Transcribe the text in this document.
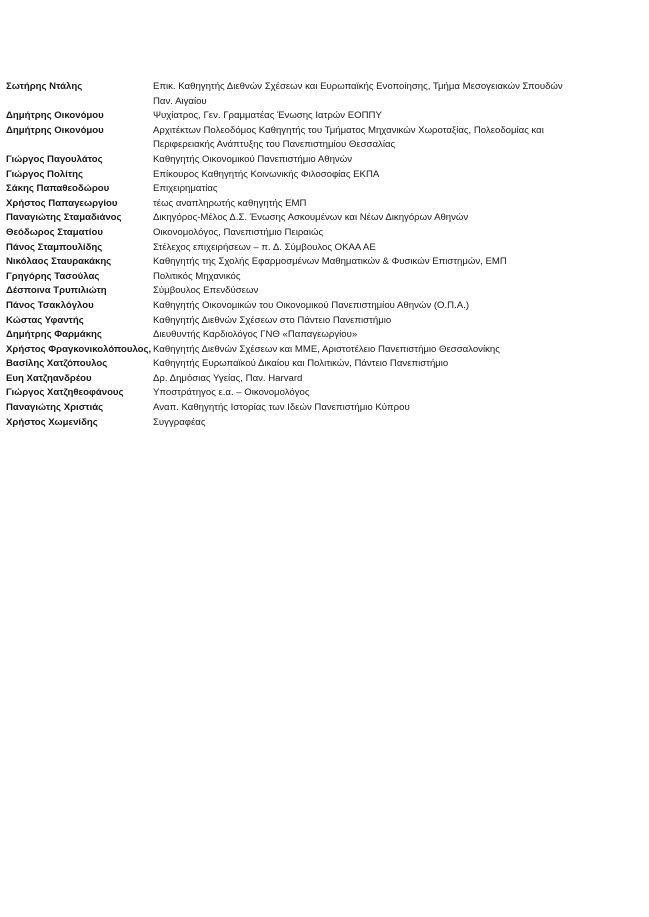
Σωτήρης Ντάλης	Επικ. Καθηγητής Διεθνών Σχέσεων και Ευρωπαϊκής Ενοποίησης, Τμήμα Μεσογειακών Σπουδών Παν. Αιγαίου
Δημήτρης Οικονόμου	Ψυχίατρος, Γεν. Γραμματέας Ένωσης Ιατρών ΕΟΠΠΥ
Δημήτρης Οικονόμου	Αρχιτέκτων Πολεοδόμος Καθηγητής του Τμήματος Μηχανικών Χωροταξίας, Πολεοδομίας και Περιφερειακής Ανάπτυξης του Πανεπιστημίου Θεσσαλίας
Γιώργος Παγουλάτος	Καθηγητής Οικονομικού Πανεπιστήμιο Αθηνών
Γιώργος Πολίτης	Επίκουρος Καθηγητής Κοινωνικής Φιλοσοφίας ΕΚΠΑ
Σάκης Παπαθεοδώρου	Επιχειρηματίας
Χρήστος Παπαγεωργίου	τέως αναπληρωτής καθηγητής ΕΜΠ
Παναγιώτης Σταμαδιάνος	Δικηγόρος-Μέλος Δ.Σ. Ένωσης Ασκουμένων και Νέων Δικηγόρων Αθηνών
Θεόδωρος Σταματίου	Οικονομολόγος, Πανεπιστήμιο Πειραιώς
Πάνος Σταμπουλίδης	Στέλεχος επιχειρήσεων – π. Δ. Σύμβουλος ΟΚΑΑ ΑΕ
Νικόλαος Σταυρακάκης	Καθηγητής της Σχολής Εφαρμοσμένων Μαθηματικών & Φυσικών Επιστημών, ΕΜΠ
Γρηγόρης Τασούλας	Πολιτικός Μηχανικός
Δέσποινα Τρυπιλιώτη	Σύμβουλος Επενδύσεων
Πάνος Τσακλόγλου	Καθηγητής Οικονομικών του Οικονομικού Πανεπιστημίου Αθηνών (Ο.Π.Α.)
Κώστας Υφαντής	Καθηγητής Διεθνών Σχέσεων στο Πάντειο Πανεπιστήμιο
Δημήτρης Φαρμάκης	Διευθυντής Καρδιολόγος ΓΝΘ «Παπαγεωργίου»
Χρήστος Φραγκονικολόπουλος, Καθηγητής Διεθνών Σχέσεων και ΜΜΕ, Αριστοτέλειο Πανεπιστήμιο Θεσσαλονίκης
Βασίλης Χατζόπουλος	Καθηγητής Ευρωπαϊκού Δικαίου και Πολιτικών, Πάντειο Πανεπιστήμιο
Ευη Χατζηανδρέου	Δρ. Δημόσιας Υγείας, Παν. Harvard
Γιώργος Χατζηθεοφάνους	Υποστράτηγος ε.α. – Οικονομολόγος
Παναγιώτης Χριστιάς	Αναπ. Καθηγητής Ιστορίας των Ιδεών Πανεπιστήμιο Κύπρου
Χρήστος Χωμενίδης	Συγγραφέας
